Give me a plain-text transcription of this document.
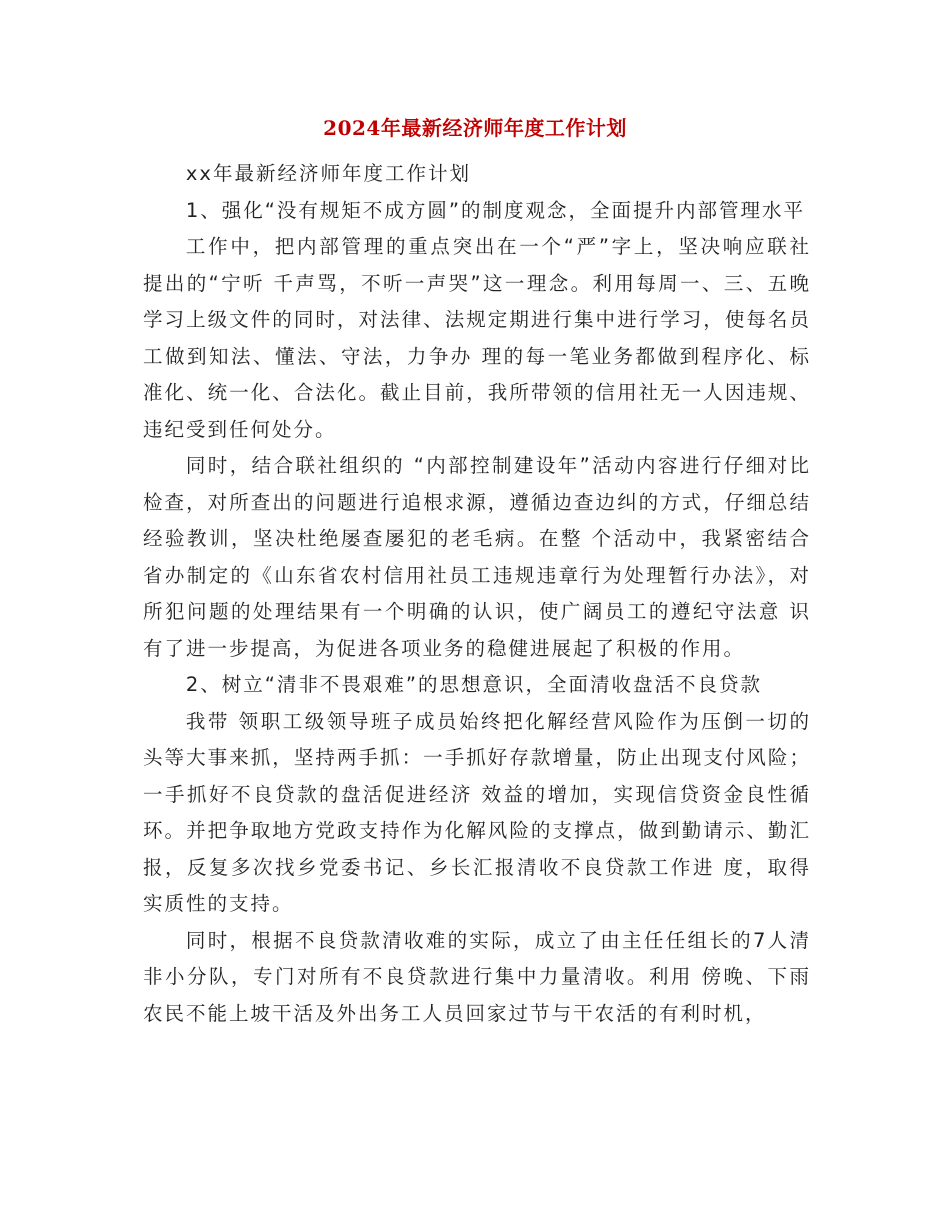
2024年最新经济师年度工作计划

xx年最新经济师年度工作计划

1、强化“没有规矩不成方圆”的制度观念，全面提升内部管理水平

工作中，把内部管理的重点突出在一个“严”字上，坚决响应联社提出的“宁听 千声骂，不听一声哭”这一理念。利用每周一、三、五晚学习上级文件的同时，对法律、法规定期进行集中进行学习，使每名员工做到知法、懂法、守法，力争办 理的每一笔业务都做到程序化、标准化、统一化、合法化。截止目前，我所带领的信用社无一人因违规、违纪受到任何处分。

同时，结合联社组织的 “内部控制建设年”活动内容进行仔细对比检查，对所查出的问题进行追根求源，遵循边查边纠的方式，仔细总结经验教训，坚决杜绝屡查屡犯的老毛病。在整 个活动中，我紧密结合省办制定的《山东省农村信用社员工违规违章行为处理暂行办法》，对所犯问题的处理结果有一个明确的认识，使广阔员工的遵纪守法意 识有了进一步提高，为促进各项业务的稳健进展起了积极的作用。

2、树立“清非不畏艰难”的思想意识，全面清收盘活不良贷款

我带 领职工级领导班子成员始终把化解经营风险作为压倒一切的头等大事来抓，坚持两手抓：一手抓好存款增量，防止出现支付风险；一手抓好不良贷款的盘活促进经济 效益的增加，实现信贷资金良性循环。并把争取地方党政支持作为化解风险的支撑点，做到勤请示、勤汇报，反复多次找乡党委书记、乡长汇报清收不良贷款工作进 度，取得实质性的支持。

同时，根据不良贷款清收难的实际，成立了由主任任组长的7人清非小分队，专门对所有不良贷款进行集中力量清收。利用 傍晚、下雨农民不能上坡干活及外出务工人员回家过节与干农活的有利时机，
